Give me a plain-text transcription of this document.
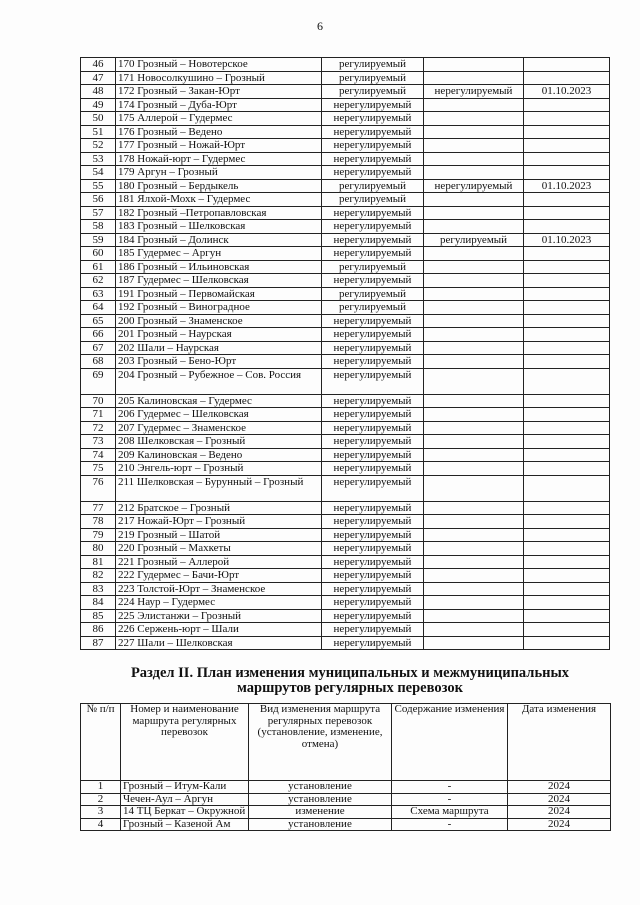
6
46	170 Грозный – Новотерское	регулируемый		
47	171 Новосолкушино – Грозный	регулируемый		
48	172 Грозный – Закан-Юрт	регулируемый	нерегулируемый	01.10.2023
49	174 Грозный – Дуба-Юрт	нерегулируемый		
50	175 Аллерой – Гудермес	нерегулируемый		
51	176 Грозный – Ведено	нерегулируемый		
52	177 Грозный – Ножай-Юрт	нерегулируемый		
53	178 Ножай-юрт – Гудермес	нерегулируемый		
54	179 Аргун – Грозный	нерегулируемый		
55	180 Грозный – Бердыкель	регулируемый	нерегулируемый	01.10.2023
56	181 Ялхой-Мохк – Гудермес	регулируемый		
57	182 Грозный –Петропавловская	нерегулируемый		
58	183 Грозный – Шелковская	нерегулируемый		
59	184 Грозный – Долинск	нерегулируемый	регулируемый	01.10.2023
60	185 Гудермес – Аргун	нерегулируемый		
61	186 Грозный – Ильиновская	регулируемый		
62	187 Гудермес – Шелковская	нерегулируемый		
63	191 Грозный – Первомайская	регулируемый		
64	192 Грозный – Виноградное	регулируемый		
65	200 Грозный – Знаменское	нерегулируемый		
66	201 Грозный – Наурская	нерегулируемый		
67	202 Шали – Наурская	нерегулируемый		
68	203 Грозный – Бено-Юрт	нерегулируемый		
69	204 Грозный – Рубежное – Сов. Россия	нерегулируемый		
70	205 Калиновская – Гудермес	нерегулируемый		
71	206 Гудермес – Шелковская	нерегулируемый		
72	207 Гудермес – Знаменское	нерегулируемый		
73	208 Шелковская – Грозный	нерегулируемый		
74	209 Калиновская – Ведено	нерегулируемый		
75	210 Энгель-юрт – Грозный	нерегулируемый		
76	211 Шелковская – Бурунный – Грозный	нерегулируемый		
77	212 Братское – Грозный	нерегулируемый		
78	217 Ножай-Юрт – Грозный	нерегулируемый		
79	219 Грозный – Шатой	нерегулируемый		
80	220 Грозный – Махкеты	нерегулируемый		
81	221 Грозный – Аллерой	нерегулируемый		
82	222 Гудермес – Бачи-Юрт	нерегулируемый		
83	223 Толстой-Юрт – Знаменское	нерегулируемый		
84	224 Наур – Гудермес	нерегулируемый		
85	225 Элистанжи – Грозный	нерегулируемый		
86	226 Сержень-юрт – Шали	нерегулируемый		
87	227 Шали – Шелковская	нерегулируемый		
Раздел II. План изменения муниципальных и межмуниципальных
маршрутов регулярных перевозок
№ п/п	Номер и наименование маршрута регулярных перевозок	Вид изменения маршрута регулярных перевозок (установление, изменение, отмена)	Содержание изменения	Дата изменения
1	Грозный – Итум-Кали	установление	-	2024
2	Чечен-Аул – Аргун	установление	-	2024
3	14 ТЦ Беркат – Окружной	изменение	Схема маршрута	2024
4	Грозный – Казеной Ам	установление	-	2024
